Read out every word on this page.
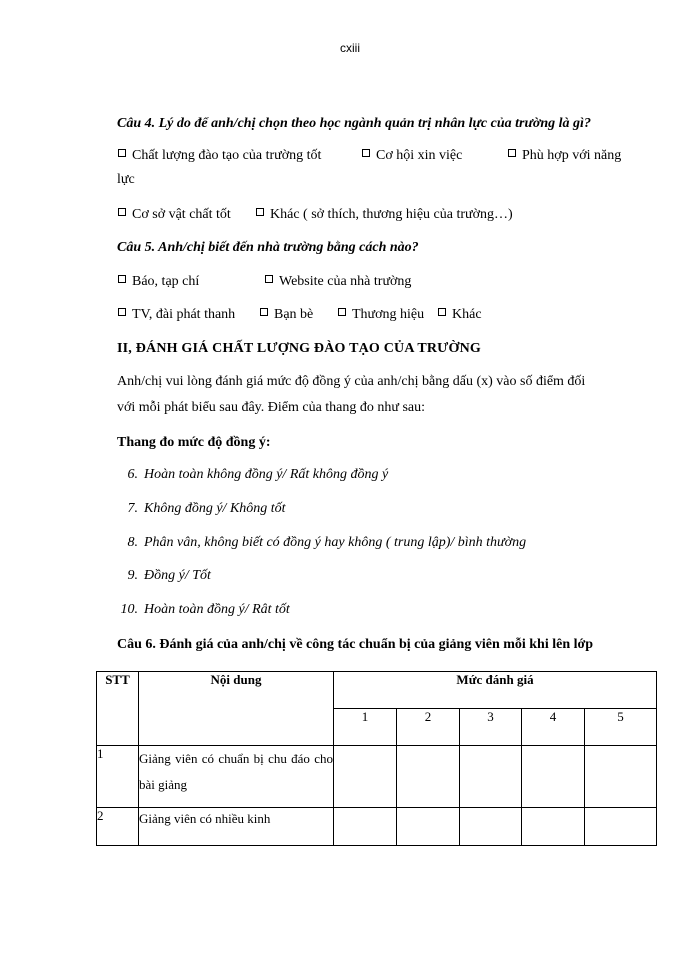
cxiii
Câu 4. Lý do để anh/chị chọn theo học ngành quản trị nhân lực của trường là gì?
Chất lượng đào tạo của trường tốt	Cơ hội xin việc	Phù hợp với năng
lực
Cơ sở vật chất tốt	Khác ( sở thích, thương hiệu của trường…)
Câu 5. Anh/chị biết đến nhà trường bằng cách nào?
Báo, tạp chí	Website của nhà trường
TV, đài phát thanh	Bạn bè	Thương hiệu	Khác
II, ĐÁNH GIÁ CHẤT LƯỢNG ĐÀO TẠO CỦA TRƯỜNG
Anh/chị vui lòng đánh giá mức độ đồng ý của anh/chị bằng dấu (x) vào số điểm đối
với mỗi phát biểu sau đây. Điểm của thang đo như sau:
Thang đo mức độ đồng ý:
6. Hoàn toàn không đồng ý/ Rất không đồng ý
7. Không đồng ý/ Không tốt
8. Phân vân, không biết có đồng ý hay không ( trung lập)/ bình thường
9. Đồng ý/ Tốt
10. Hoàn toàn đồng ý/ Rât tốt
Câu 6. Đánh giá của anh/chị về công tác chuẩn bị của giảng viên mỗi khi lên lớp
STT	Nội dung	Mức đánh giá				
		1	2	3	4	5
1	Giảng viên có chuẩn bị chu đáo cho bài giảng					
2	Giảng viên có nhiều kinh					
